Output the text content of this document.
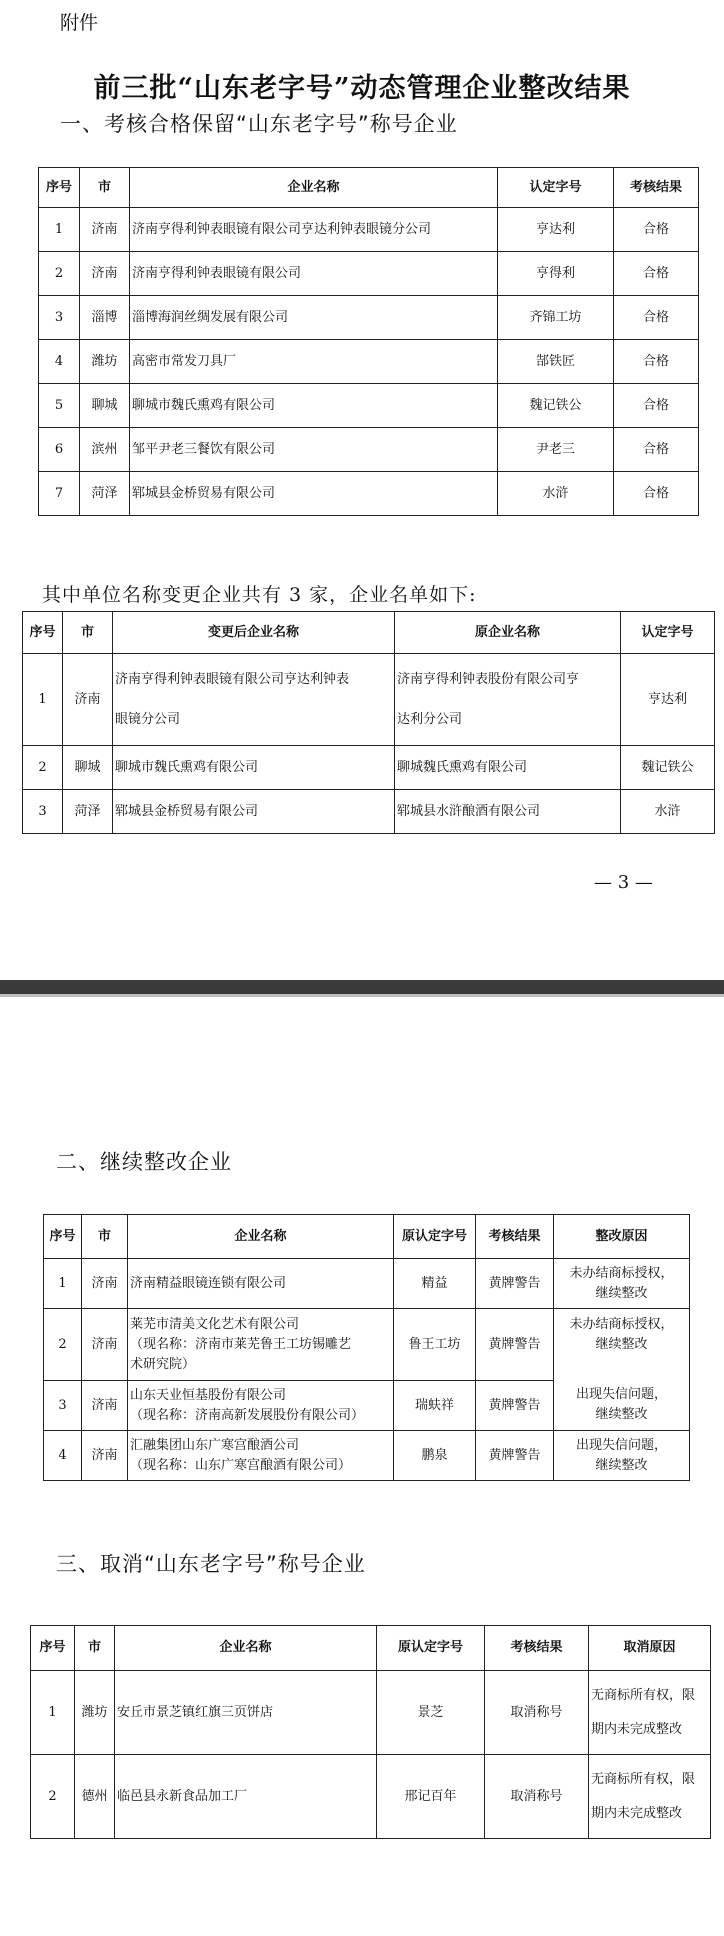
附件
前三批“山东老字号”动态管理企业整改结果
一、考核合格保留“山东老字号”称号企业
序号	市	企业名称	认定字号	考核结果
1	济南	济南亨得利钟表眼镜有限公司亨达利钟表眼镜分公司	亨达利	合格
2	济南	济南亨得利钟表眼镜有限公司	亨得利	合格
3	淄博	淄博海润丝绸发展有限公司	齐锦工坊	合格
4	潍坊	高密市常发刀具厂	郜铁匠	合格
5	聊城	聊城市魏氏熏鸡有限公司	魏记铁公	合格
6	滨州	邹平尹老三餐饮有限公司	尹老三	合格
7	菏泽	郓城县金桥贸易有限公司	水浒	合格
其中单位名称变更企业共有 3 家，企业名单如下:
序号	市	变更后企业名称	原企业名称	认定字号
1	济南	济南亨得利钟表眼镜有限公司亨达利钟表
眼镜分公司	济南亨得利钟表股份有限公司亨
达利分公司	亨达利
2	聊城	聊城市魏氏熏鸡有限公司	聊城魏氏熏鸡有限公司	魏记铁公
3	菏泽	郓城县金桥贸易有限公司	郓城县水浒酿酒有限公司	水浒
— 3 —
二、继续整改企业
序号	市	企业名称	原认定字号	考核结果	整改原因
1	济南	济南精益眼镜连锁有限公司	精益	黄牌警告	未办结商标授权，
继续整改
2	济南	莱芜市清美文化艺术有限公司
（现名称：济南市莱芜鲁王工坊锡雕艺
术研究院）	鲁王工坊	黄牌警告	未办结商标授权，
继续整改
3	济南	山东天业恒基股份有限公司
（现名称：济南高新发展股份有限公司）	瑞蚨祥	黄牌警告	出现失信问题，
继续整改
4	济南	汇融集团山东广寒宫酿酒公司
（现名称：山东广寒宫酿酒有限公司）	鹏泉	黄牌警告	出现失信问题，
继续整改
三、取消“山东老字号”称号企业
序号	市	企业名称	原认定字号	考核结果	取消原因
1	潍坊	安丘市景芝镇红旗三页饼店	景芝	取消称号	无商标所有权，限
期内未完成整改
2	德州	临邑县永新食品加工厂	邢记百年	取消称号	无商标所有权，限
期内未完成整改
